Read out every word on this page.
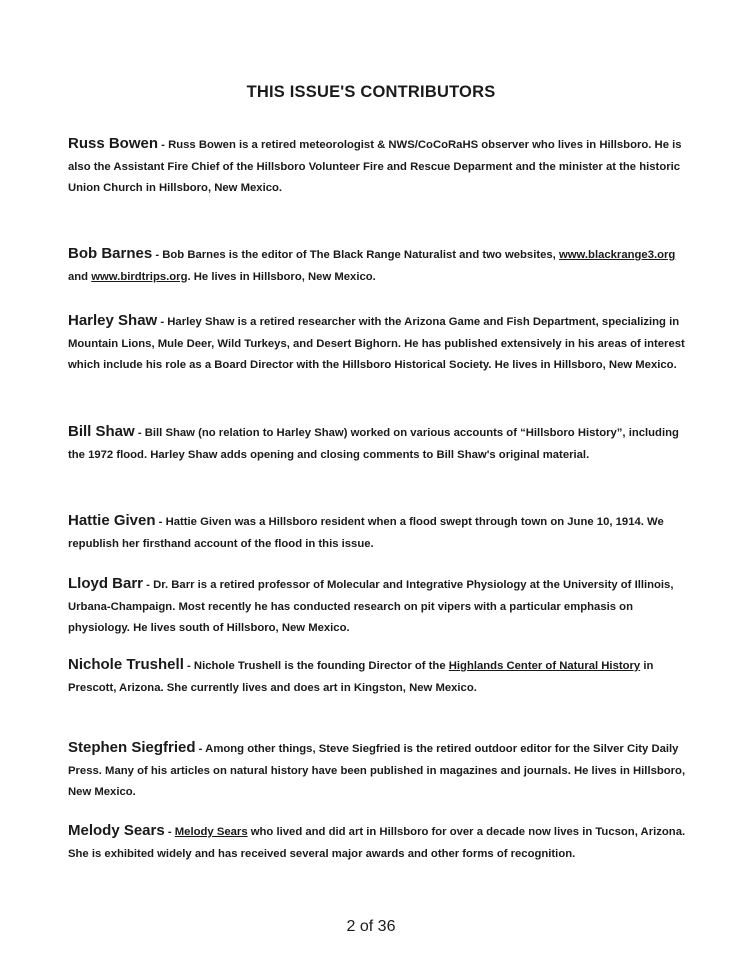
THIS ISSUE'S CONTRIBUTORS
Russ Bowen - Russ Bowen is a retired meteorologist & NWS/CoCoRaHS observer who lives in Hillsboro. He is also the Assistant Fire Chief of the Hillsboro Volunteer Fire and Rescue Deparment and the minister at the historic Union Church in Hillsboro, New Mexico.
Bob Barnes - Bob Barnes is the editor of The Black Range Naturalist and two websites, www.blackrange3.org and www.birdtrips.org. He lives in Hillsboro, New Mexico.
Harley Shaw - Harley Shaw is a retired researcher with the Arizona Game and Fish Department, specializing in Mountain Lions, Mule Deer, Wild Turkeys, and Desert Bighorn. He has published extensively in his areas of interest which include his role as a Board Director with the Hillsboro Historical Society. He lives in Hillsboro, New Mexico.
Bill Shaw - Bill Shaw (no relation to Harley Shaw) worked on various accounts of “Hillsboro History”, including the 1972 flood. Harley Shaw adds opening and closing comments to Bill Shaw's original material.
Hattie Given - Hattie Given was a Hillsboro resident when a flood swept through town on June 10, 1914. We republish her firsthand account of the flood in this issue.
Lloyd Barr - Dr. Barr is a retired professor of Molecular and Integrative Physiology at the University of Illinois, Urbana-Champaign. Most recently he has conducted research on pit vipers with a particular emphasis on physiology. He lives south of Hillsboro, New Mexico.
Nichole Trushell - Nichole Trushell is the founding Director of the Highlands Center of Natural History in Prescott, Arizona. She currently lives and does art in Kingston, New Mexico.
Stephen Siegfried - Among other things, Steve Siegfried is the retired outdoor editor for the Silver City Daily Press. Many of his articles on natural history have been published in magazines and journals. He lives in Hillsboro, New Mexico.
Melody Sears - Melody Sears who lived and did art in Hillsboro for over a decade now lives in Tucson, Arizona. She is exhibited widely and has received several major awards and other forms of recognition.
2 of 36
